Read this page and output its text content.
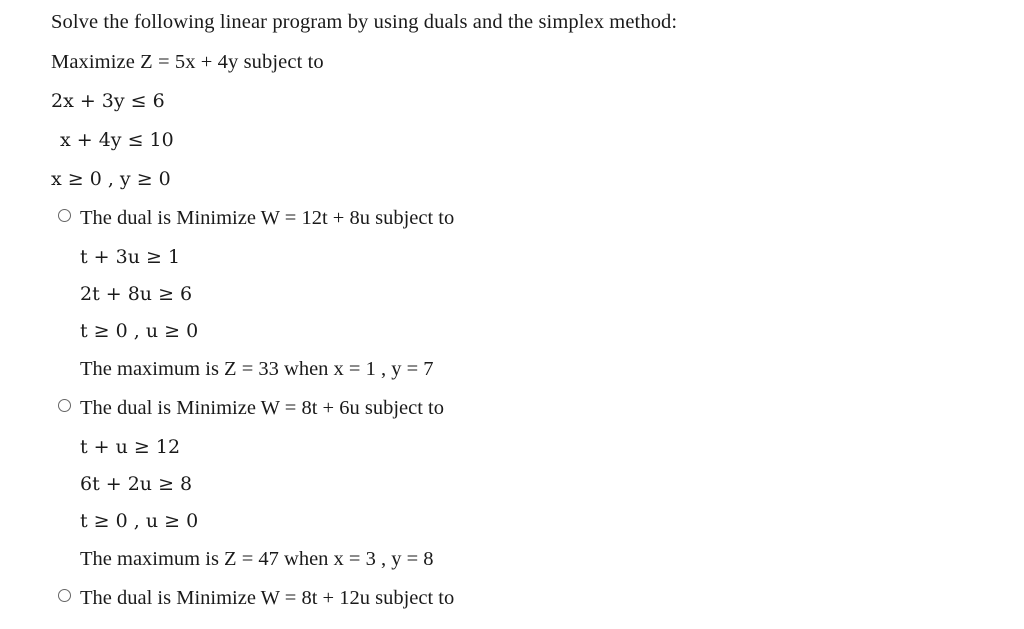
Solve the following linear program by using duals and the simplex method:
Maximize Z = 5x + 4y subject to
2x + 3y ≤ 6
x + 4y ≤ 10
x ≥ 0 , y ≥ 0
The dual is Minimize W = 12t + 8u subject to
t + 3u ≥ 1
2t + 8u ≥ 6
t ≥ 0 , u ≥ 0
The maximum is Z = 33 when x = 1 , y = 7
The dual is Minimize W = 8t + 6u subject to
t + u ≥ 12
6t + 2u ≥ 8
t ≥ 0 , u ≥ 0
The maximum is Z = 47 when x = 3 , y = 8
The dual is Minimize W = 8t + 12u subject to
